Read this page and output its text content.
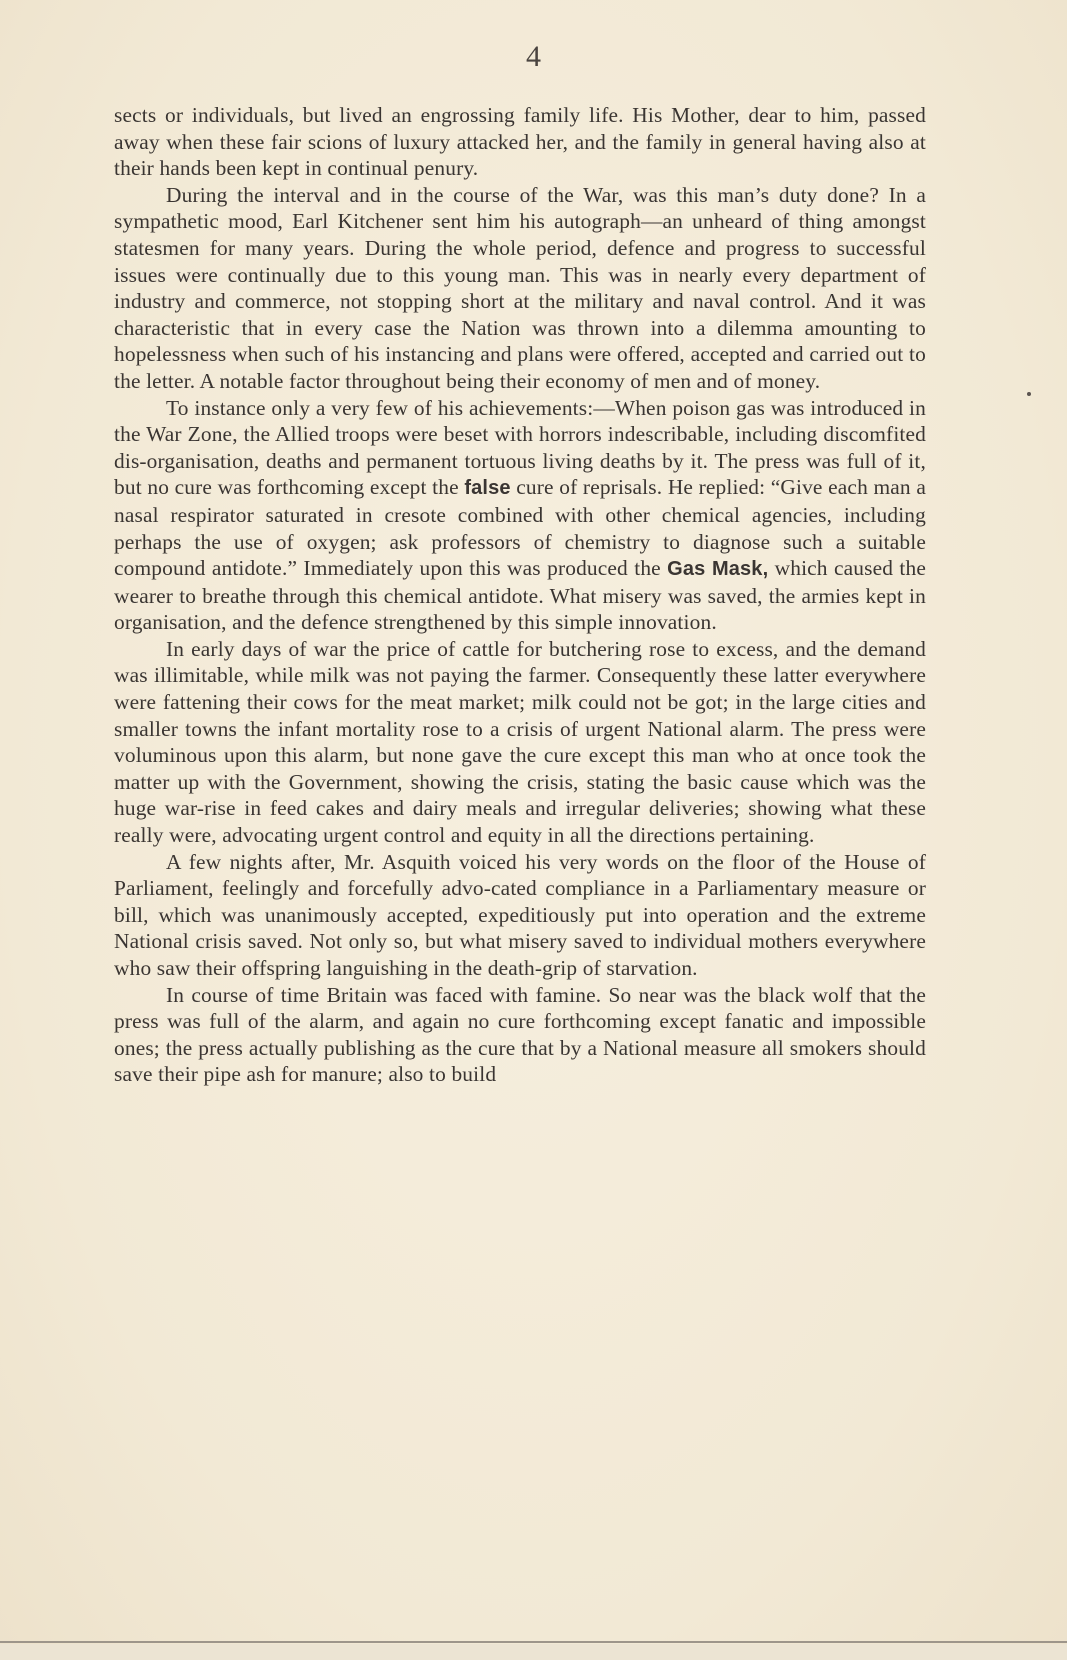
4

sects or individuals, but lived an engrossing family life. His Mother, dear to him, passed away when these fair scions of luxury attacked her, and the family in general having also at their hands been kept in continual penury.

During the interval and in the course of the War, was this man’s duty done? In a sympathetic mood, Earl Kitchener sent him his autograph—an unheard of thing amongst statesmen for many years. During the whole period, defence and progress to successful issues were continually due to this young man. This was in nearly every department of industry and commerce, not stopping short at the military and naval control. And it was characteristic that in every case the Nation was thrown into a dilemma amounting to hopelessness when such of his instancing and plans were offered, accepted and carried out to the letter. A notable factor throughout being their economy of men and of money.

To instance only a very few of his achievements:—When poison gas was introduced in the War Zone, the Allied troops were beset with horrors indescribable, including discomfited dis-organisation, deaths and permanent tortuous living deaths by it. The press was full of it, but no cure was forthcoming except the false cure of reprisals. He replied: “Give each man a nasal respirator saturated in cresote combined with other chemical agencies, including perhaps the use of oxygen; ask professors of chemistry to diagnose such a suitable compound antidote.” Immediately upon this was produced the Gas Mask, which caused the wearer to breathe through this chemical antidote. What misery was saved, the armies kept in organisation, and the defence strengthened by this simple innovation.

In early days of war the price of cattle for butchering rose to excess, and the demand was illimitable, while milk was not paying the farmer. Consequently these latter everywhere were fattening their cows for the meat market; milk could not be got; in the large cities and smaller towns the infant mortality rose to a crisis of urgent National alarm. The press were voluminous upon this alarm, but none gave the cure except this man who at once took the matter up with the Government, showing the crisis, stating the basic cause which was the huge war-rise in feed cakes and dairy meals and irregular deliveries; showing what these really were, advocating urgent control and equity in all the directions pertaining.

A few nights after, Mr. Asquith voiced his very words on the floor of the House of Parliament, feelingly and forcefully advo-cated compliance in a Parliamentary measure or bill, which was unanimously accepted, expeditiously put into operation and the extreme National crisis saved. Not only so, but what misery saved to individual mothers everywhere who saw their offspring languishing in the death-grip of starvation.

In course of time Britain was faced with famine. So near was the black wolf that the press was full of the alarm, and again no cure forthcoming except fanatic and impossible ones; the press actually publishing as the cure that by a National measure all smokers should save their pipe ash for manure; also to build
